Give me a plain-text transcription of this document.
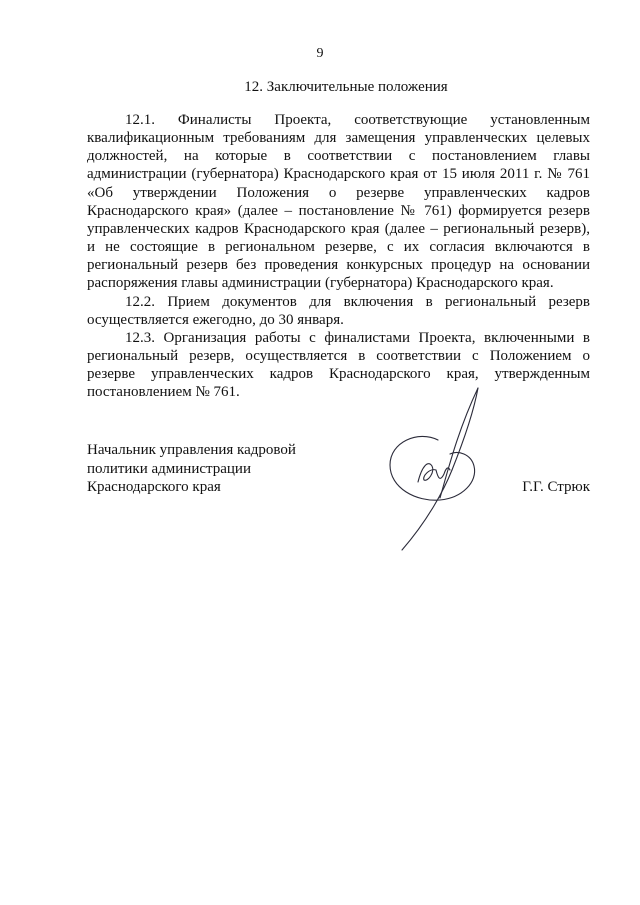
9
12. Заключительные положения

12.1. Финалисты Проекта, соответствующие установленным квалификационным требованиям для замещения управленческих целевых должностей, на которые в соответствии с постановлением главы администрации (губернатора) Краснодарского края от 15 июля 2011 г. № 761 «Об утверждении Положения о резерве управленческих кадров Краснодарского края» (далее – постановление № 761) формируется резерв управленческих кадров Краснодарского края (далее – региональный резерв), и не состоящие в региональном резерве, с их согласия включаются в региональный резерв без проведения конкурсных процедур на основании распоряжения главы администрации (губернатора) Краснодарского края.

12.2. Прием документов для включения в региональный резерв осуществляется ежегодно, до 30 января.

12.3. Организация работы с финалистами Проекта, включенными в региональный резерв, осуществляется в соответствии с Положением о резерве управленческих кадров Краснодарского края, утвержденным постановлением № 761.

Начальник управления кадровой
политики администрации
Краснодарского края	Г.Г. Стрюк
